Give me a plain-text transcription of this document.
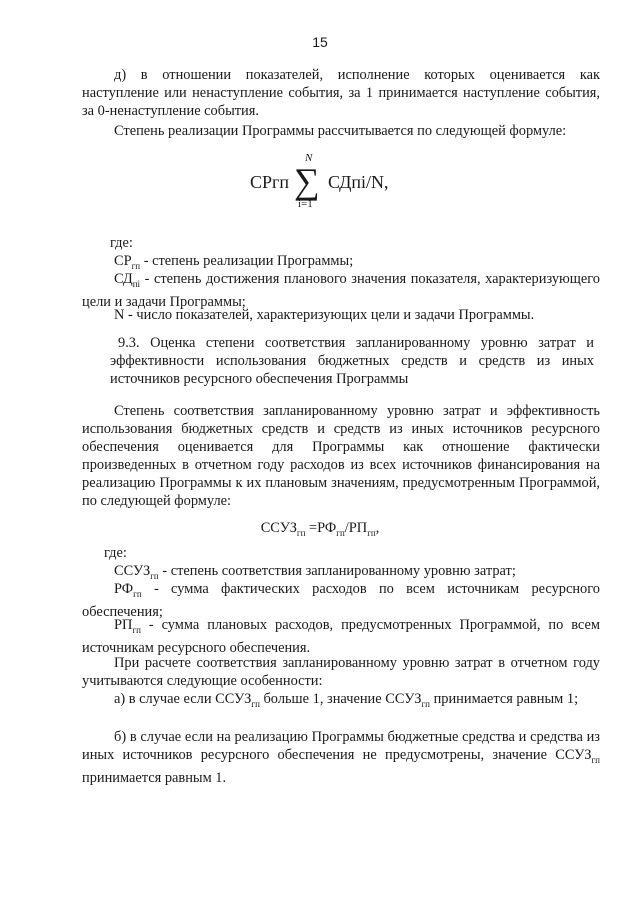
15

д) в отношении показателей, исполнение которых оценивается как наступление или ненаступление события, за 1 принимается наступление события, за 0-ненаступление события.

Степень реализации Программы рассчитывается по следующей формуле:

СРгп
N
∑
i=1
СДпi/N,

где:

$СР_{гп}$ - степень реализации Программы;

$СД_{пi}$ - степень достижения планового значения показателя, характеризующего цели и задачи Программы;

N - число показателей, характеризующих цели и задачи Программы.

9.3. Оценка степени соответствия запланированному уровню затрат и эффективности использования бюджетных средств и средств из иных источников ресурсного обеспечения Программы

Степень соответствия запланированному уровню затрат и эффективность использования бюджетных средств и средств из иных источников ресурсного обеспечения оценивается для Программы как отношение фактически произведенных в отчетном году расходов из всех источников финансирования на реализацию Программы к их плановым значениям, предусмотренным Программой, по следующей формуле:

$ССУЗ_{гп} =РФ_{гп}/РП_{гп}$,

где:

$ССУЗ_{гп}$ - степень соответствия запланированному уровню затрат;

$РФ_{гп}$ - сумма фактических расходов по всем источникам ресурсного обеспечения;

$РП_{гп}$ - сумма плановых расходов, предусмотренных Программой, по всем источникам ресурсного обеспечения.

При расчете соответствия запланированному уровню затрат в отчетном году учитываются следующие особенности:

а) в случае если $ССУЗ_{гп}$ больше 1, значение $ССУЗ_{гп}$ принимается равным 1;

б) в случае если на реализацию Программы бюджетные средства и средства из иных источников ресурсного обеспечения не предусмотрены, значение $ССУЗ_{гп}$ принимается равным 1.
